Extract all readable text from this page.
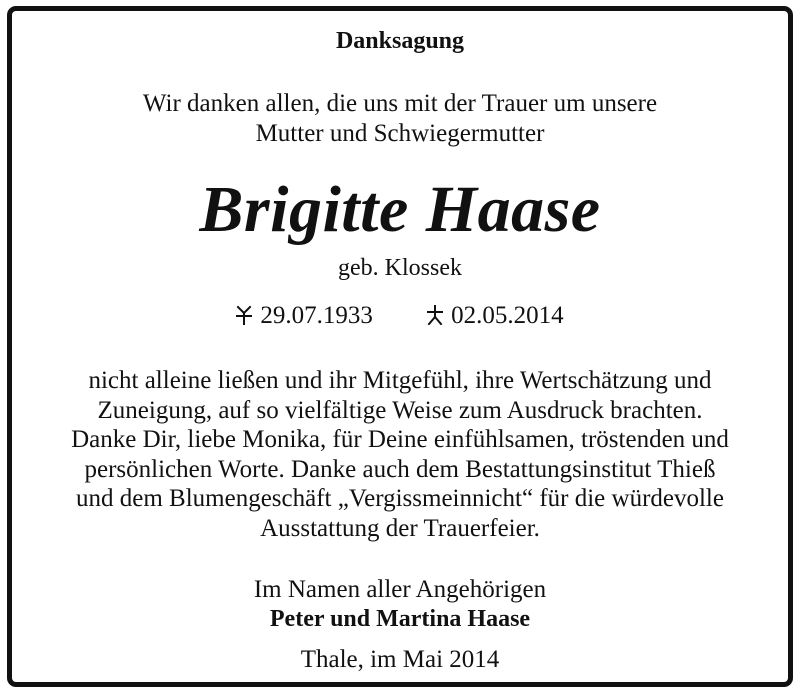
Danksagung

Wir danken allen, die uns mit der Trauer um unsere
Mutter und Schwiegermutter

Brigitte Haase

geb. Klossek

29.07.1933	02.05.2014

nicht alleine ließen und ihr Mitgefühl, ihre Wertschätzung und
Zuneigung, auf so vielfältige Weise zum Ausdruck brachten.
Danke Dir, liebe Monika, für Deine einfühlsamen, tröstenden und
persönlichen Worte. Danke auch dem Bestattungsinstitut Thieß
und dem Blumengeschäft „Vergissmeinnicht“ für die würdevolle
Ausstattung der Trauerfeier.

Im Namen aller Angehörigen

Peter und Martina Haase

Thale, im Mai 2014
